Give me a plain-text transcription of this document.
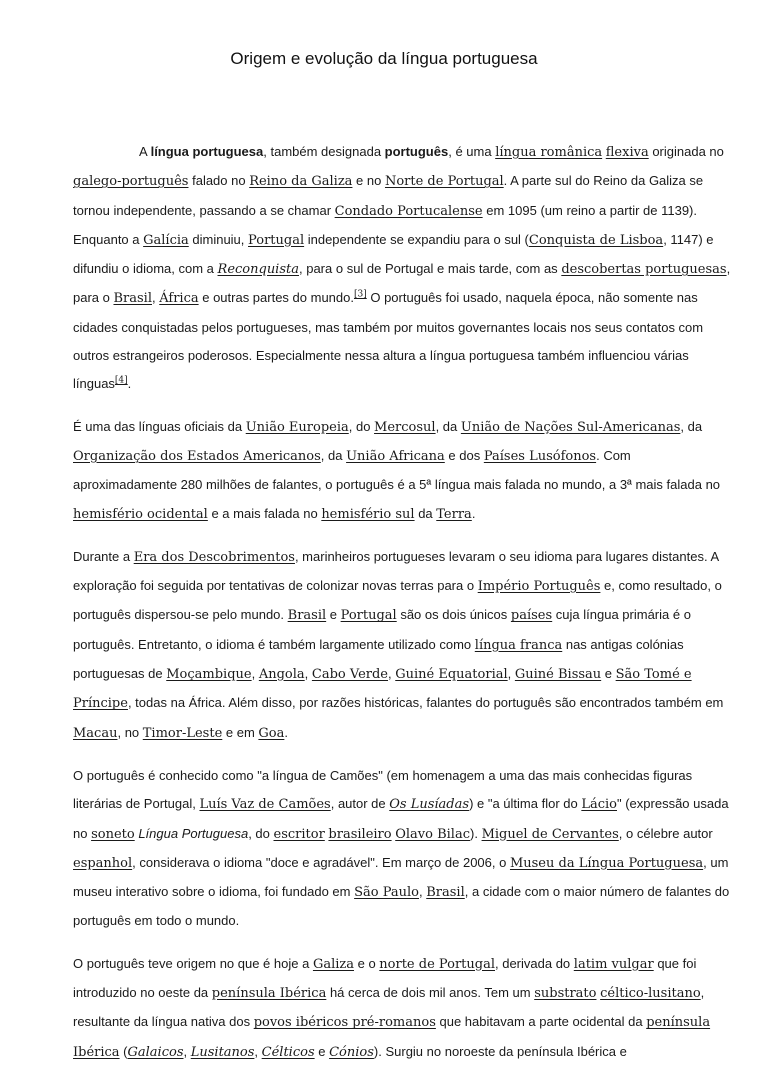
Origem e evolução da língua portuguesa

A língua portuguesa, também designada português, é uma língua românica flexiva originada no galego-português falado no Reino da Galiza e no Norte de Portugal. A parte sul do Reino da Galiza se tornou independente, passando a se chamar Condado Portucalense em 1095 (um reino a partir de 1139). Enquanto a Galícia diminuiu, Portugal independente se expandiu para o sul (Conquista de Lisboa, 1147) e difundiu o idioma, com a Reconquista, para o sul de Portugal e mais tarde, com as descobertas portuguesas, para o Brasil, África e outras partes do mundo.[3] O português foi usado, naquela época, não somente nas cidades conquistadas pelos portugueses, mas também por muitos governantes locais nos seus contatos com outros estrangeiros poderosos. Especialmente nessa altura a língua portuguesa também influenciou várias línguas[4].

É uma das línguas oficiais da União Europeia, do Mercosul, da União de Nações Sul-Americanas, da Organização dos Estados Americanos, da União Africana e dos Países Lusófonos. Com aproximadamente 280 milhões de falantes, o português é a 5ª língua mais falada no mundo, a 3ª mais falada no hemisfério ocidental e a mais falada no hemisfério sul da Terra.

Durante a Era dos Descobrimentos, marinheiros portugueses levaram o seu idioma para lugares distantes. A exploração foi seguida por tentativas de colonizar novas terras para o Império Português e, como resultado, o português dispersou-se pelo mundo. Brasil e Portugal são os dois únicos países cuja língua primária é o português. Entretanto, o idioma é também largamente utilizado como língua franca nas antigas colónias portuguesas de Moçambique, Angola, Cabo Verde, Guiné Equatorial, Guiné Bissau e São Tomé e Príncipe, todas na África. Além disso, por razões históricas, falantes do português são encontrados também em Macau, no Timor-Leste e em Goa.

O português é conhecido como "a língua de Camões" (em homenagem a uma das mais conhecidas figuras literárias de Portugal, Luís Vaz de Camões, autor de Os Lusíadas) e "a última flor do Lácio" (expressão usada no soneto Língua Portuguesa, do escritor brasileiro Olavo Bilac). Miguel de Cervantes, o célebre autor espanhol, considerava o idioma "doce e agradável". Em março de 2006, o Museu da Língua Portuguesa, um museu interativo sobre o idioma, foi fundado em São Paulo, Brasil, a cidade com o maior número de falantes do português em todo o mundo.

O português teve origem no que é hoje a Galiza e o norte de Portugal, derivada do latim vulgar que foi introduzido no oeste da península Ibérica há cerca de dois mil anos. Tem um substrato céltico-lusitano, resultante da língua nativa dos povos ibéricos pré-romanos que habitavam a parte ocidental da península Ibérica (Galaicos, Lusitanos, Célticos e Cónios). Surgiu no noroeste da península Ibérica e
